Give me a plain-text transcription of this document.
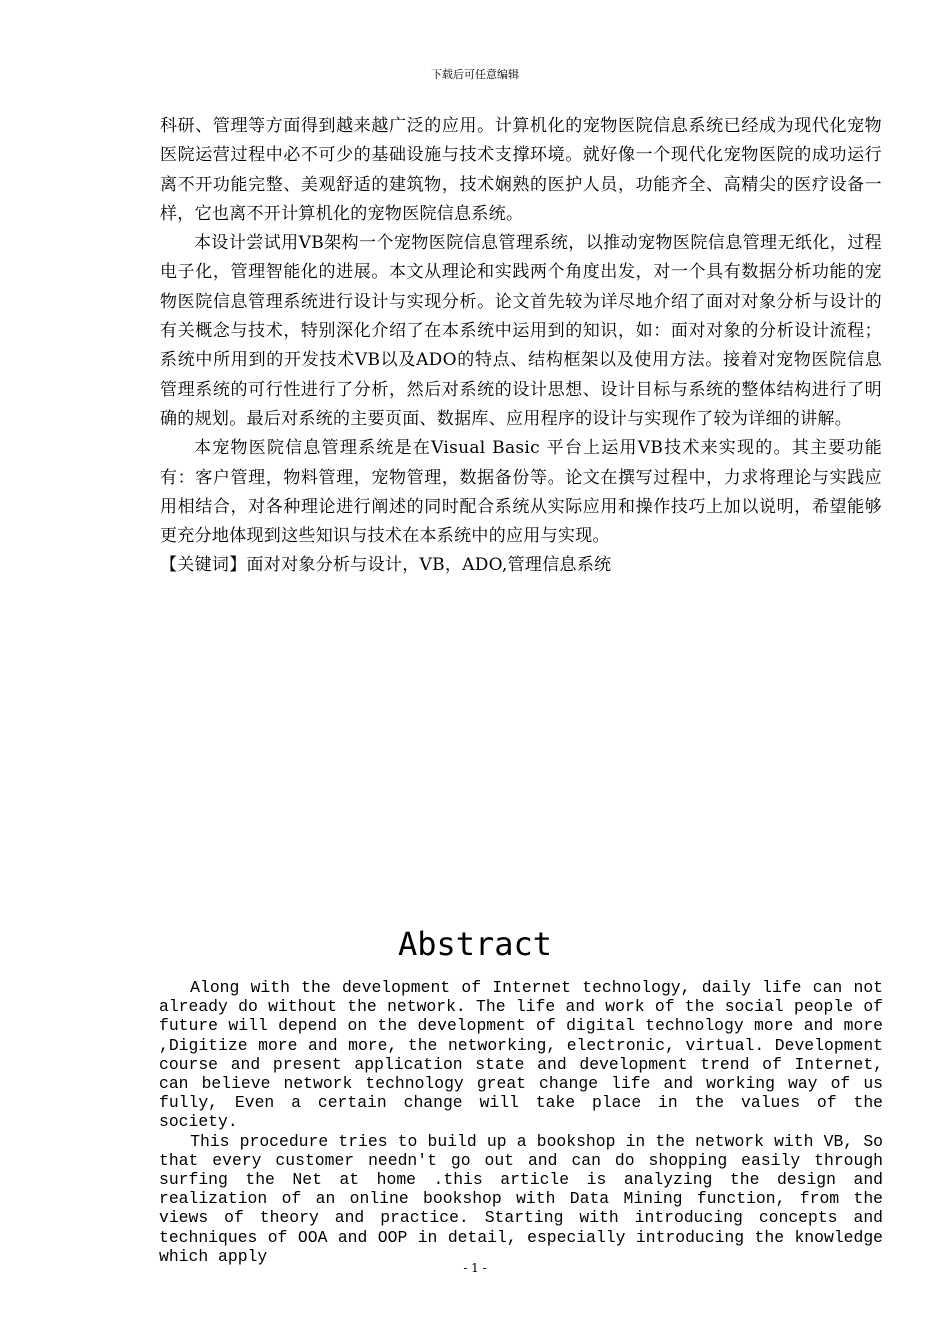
下载后可任意编辑

科研、管理等方面得到越来越广泛的应用。计算机化的宠物医院信息系统已经成为现代化宠物医院运营过程中必不可少的基础设施与技术支撑环境。就好像一个现代化宠物医院的成功运行离不开功能完整、美观舒适的建筑物，技术娴熟的医护人员，功能齐全、高精尖的医疗设备一样，它也离不开计算机化的宠物医院信息系统。

本设计尝试用VB架构一个宠物医院信息管理系统，以推动宠物医院信息管理无纸化，过程电子化，管理智能化的进展。本文从理论和实践两个角度出发，对一个具有数据分析功能的宠物医院信息管理系统进行设计与实现分析。论文首先较为详尽地介绍了面对对象分析与设计的有关概念与技术，特别深化介绍了在本系统中运用到的知识，如：面对对象的分析设计流程；系统中所用到的开发技术VB以及ADO的特点、结构框架以及使用方法。接着对宠物医院信息管理系统的可行性进行了分析，然后对系统的设计思想、设计目标与系统的整体结构进行了明确的规划。最后对系统的主要页面、数据库、应用程序的设计与实现作了较为详细的讲解。

本宠物医院信息管理系统是在Visual Basic 平台上运用VB技术来实现的。其主要功能有：客户管理，物料管理，宠物管理，数据备份等。论文在撰写过程中，力求将理论与实践应用相结合，对各种理论进行阐述的同时配合系统从实际应用和操作技巧上加以说明，希望能够更充分地体现到这些知识与技术在本系统中的应用与实现。

【关键词】面对对象分析与设计，VB，ADO,管理信息系统

Abstract

Along with the development of Internet technology, daily life can not already do without the network. The life and work of the social people of future will depend on the development of digital technology more and more ,Digitize more and more, the networking, electronic, virtual. Development course and present application state and development trend of Internet, can believe network technology great change life and working way of us fully, Even a certain change will take place in the values of the society.

This procedure tries to build up a bookshop in the network with VB, So that every customer needn't go out and can do shopping easily through surfing the Net at home .this article is analyzing the design and realization of an online bookshop with Data Mining function, from the views of theory and practice. Starting with introducing concepts and techniques of OOA and OOP in detail, especially introducing the knowledge which apply

- 1 -
